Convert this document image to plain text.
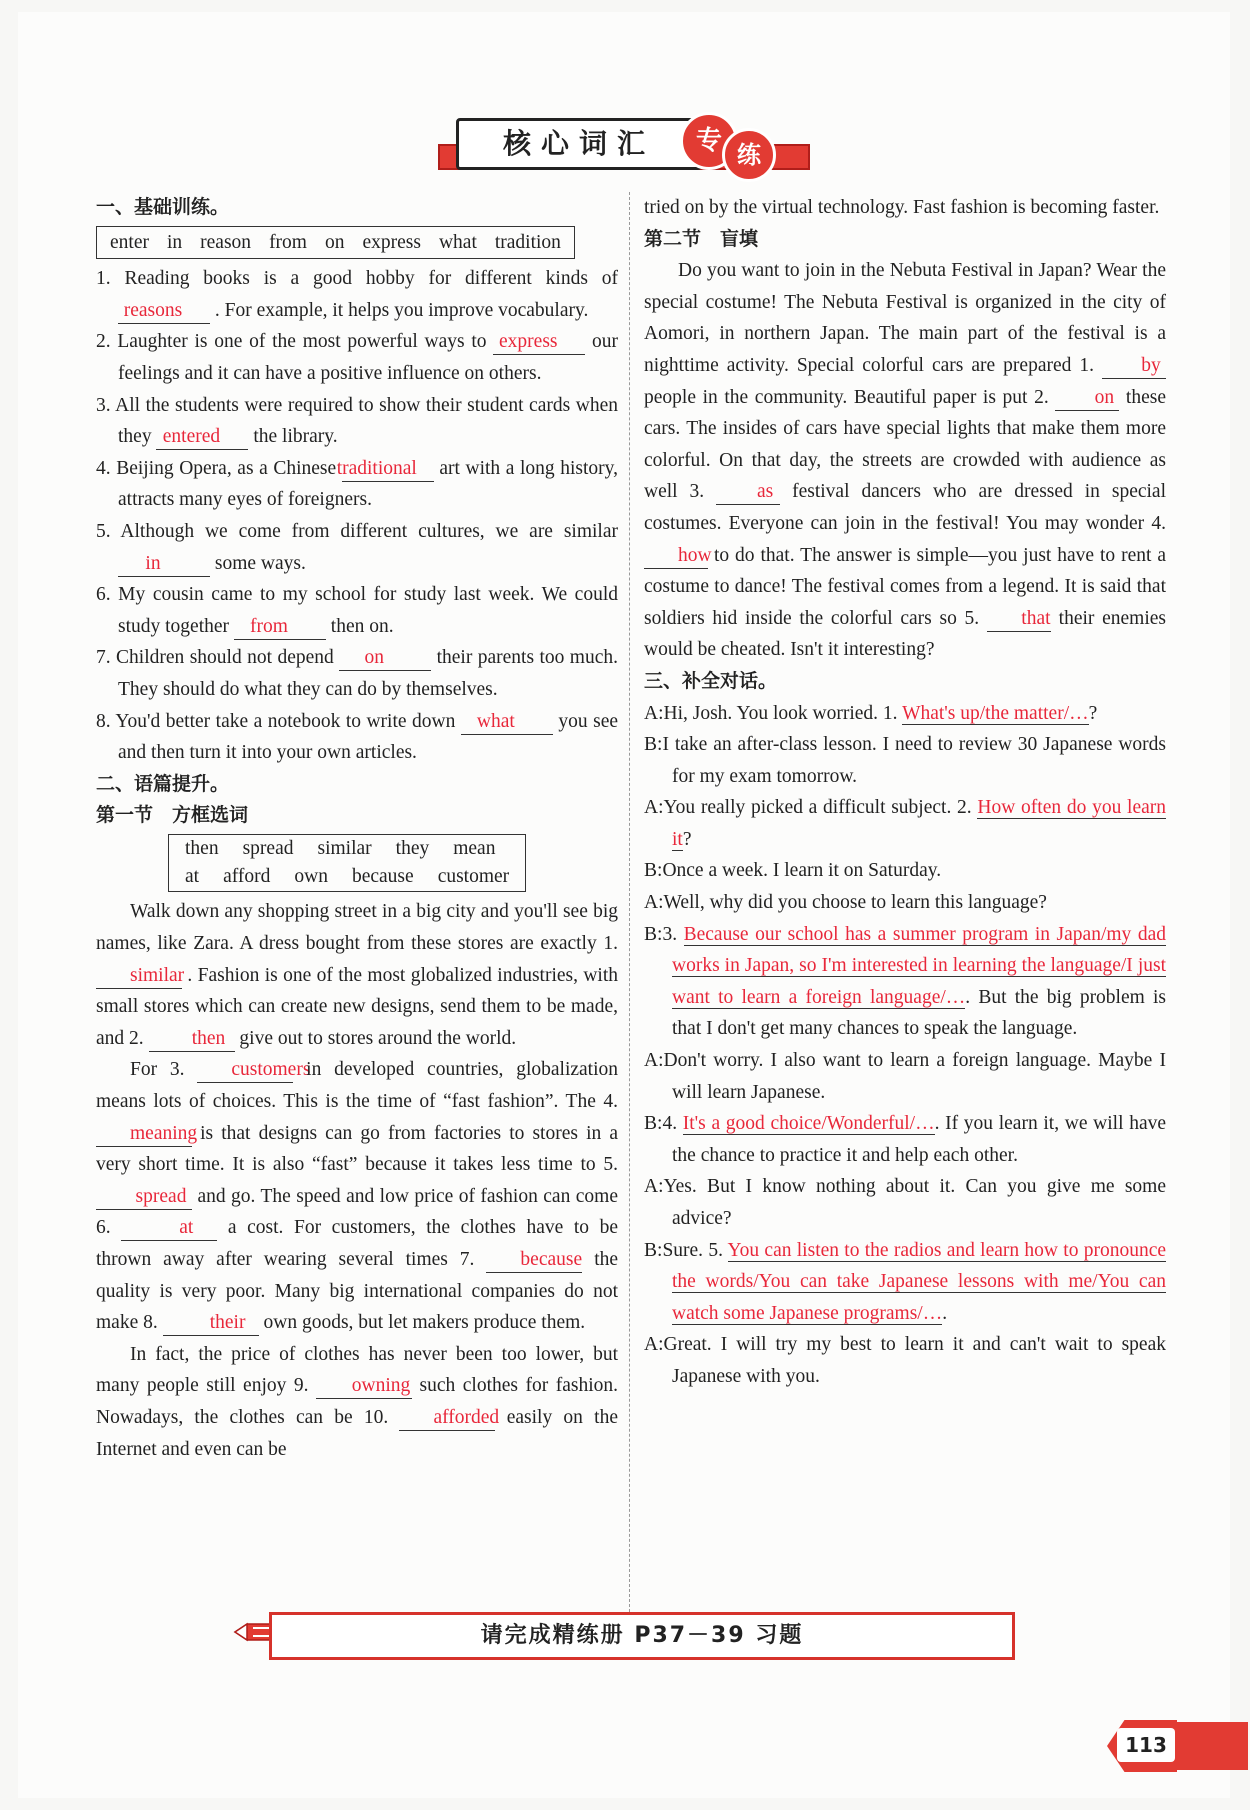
核心词汇	专 练

一、基础训练。

enter in reason from on express what tradition

1. Reading books is a good hobby for different kinds of reasons . For example, it helps you improve vocabulary.

2. Laughter is one of the most powerful ways to express our feelings and it can have a positive influence on others.

3. All the students were required to show their student cards when they entered the library.

4. Beijing Opera, as a Chinese traditional art with a long history, attracts many eyes of foreigners.

5. Although we come from different cultures, we are similar in	some ways.

6. My cousin came to my school for study last week. We could study together from then on.

7. Children should not depend on	their parents too much. They should do what they can do by themselves.

8. You'd better take a notebook to write down what you see and then turn it into your own articles.

二、语篇提升。

第一节　方框选词

then spread similar they mean
at afford own because customer

Walk down any shopping street in a big city and you'll see big names, like Zara. A dress bought from these stores are exactly 1. similar . Fashion is one of the most globalized industries, with small stores which can create new designs, send them to be made, and 2. then give out to stores around the world.

For 3. customers in developed countries, globalization means lots of choices. This is the time of “fast fashion”. The 4. meaning is that designs can go from factories to stores in a very short time. It is also “fast” because it takes less time to 5. spread and go. The speed and low price of fashion can come 6.	at a cost. For customers, the clothes have to be thrown away after wearing several times 7. because the quality is very poor. Many big international companies do not make 8.	their own goods, but let makers produce them.

In fact, the price of clothes has never been too lower, but many people still enjoy 9. owning such clothes for fashion. Nowadays, the clothes can be 10. afforded easily on the Internet and even can be

tried on by the virtual technology. Fast fashion is becoming faster.

第二节　盲填

Do you want to join in the Nebuta Festival in Japan? Wear the special costume! The Nebuta Festival is organized in the city of Aomori, in northern Japan. The main part of the festival is a nighttime activity. Special colorful cars are prepared 1. by people in the community. Beautiful paper is put 2. on these cars. The insides of cars have special lights that make them more colorful. On that day, the streets are crowded with audience as well 3.	as festival dancers who are dressed in special costumes. Everyone can join in the festival! You may wonder 4. how to do that. The answer is simple—you just have to rent a costume to dance! The festival comes from a legend. It is said that soldiers hid inside the colorful cars so 5. that their enemies would be cheated. Isn't it interesting?

三、补全对话。

A:Hi, Josh. You look worried. 1. What's up/the matter/…?

B:I take an after-class lesson. I need to review 30 Japanese words for my exam tomorrow.

A:You really picked a difficult subject. 2. How often do you learn it?

B:Once a week. I learn it on Saturday.

A:Well, why did you choose to learn this language?

B:3. Because our school has a summer program in Japan/my dad works in Japan, so I'm interested in learning the language/I just want to learn a foreign language/…. But the big problem is that I don't get many chances to speak the language.

A:Don't worry. I also want to learn a foreign language. Maybe I will learn Japanese.

B:4. It's a good choice/Wonderful/…. If you learn it, we will have the chance to practice it and help each other.

A:Yes. But I know nothing about it. Can you give me some advice?

B:Sure. 5. You can listen to the radios and learn how to pronounce the words/You can take Japanese lessons with me/You can watch some Japanese programs/….

A:Great. I will try my best to learn it and can't wait to speak Japanese with you.

请完成精练册 P37－39 习题
113
